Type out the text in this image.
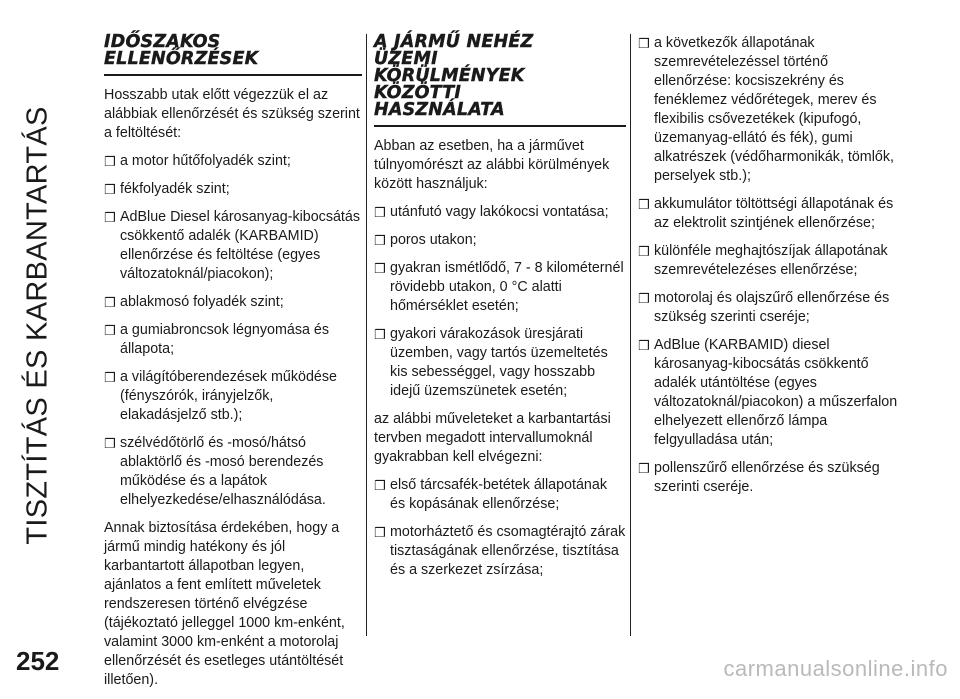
TISZTÍTÁS ÉS KARBANTARTÁS
IDŐSZAKOS
ELLENŐRZÉSEK

Hosszabb utak előtt végezzük el az alábbiak ellenőrzését és szükség szerint a feltöltését:

❒ a motor hűtőfolyadék szint;
❒ fékfolyadék szint;
❒ AdBlue Diesel károsanyag-kibocsátás csökkentő adalék (KARBAMID) ellenőrzése és feltöltése (egyes változatoknál/piacokon);
❒ ablakmosó folyadék szint;
❒ a gumiabroncsok légnyomása és állapota;
❒ a világítóberendezések működése (fényszórók, irányjelzők, elakadásjelző stb.);
❒ szélvédőtörlő és -mosó/hátsó ablaktörlő és -mosó berendezés működése és a lapátok elhelyezkedése/elhasználódása.

Annak biztosítása érdekében, hogy a jármű mindig hatékony és jól karbantartott állapotban legyen, ajánlatos a fent említett műveletek rendszeresen történő elvégzése (tájékoztató jelleggel 1000 km-enként, valamint 3000 km-enként a motorolaj ellenőrzését és esetleges utántöltését illetően).

A JÁRMŰ NEHÉZ
ÜZEMI
KÖRÜLMÉNYEK
KÖZÖTTI
HASZNÁLATA

Abban az esetben, ha a járművet túlnyomórészt az alábbi körülmények között használjuk:

❒ utánfutó vagy lakókocsi vontatása;
❒ poros utakon;
❒ gyakran ismétlődő, 7 - 8 kilométernél rövidebb utakon, 0 °C alatti hőmérséklet esetén;
❒ gyakori várakozások üresjárati üzemben, vagy tartós üzemeltetés kis sebességgel, vagy hosszabb idejű üzemszünetek esetén;

az alábbi műveleteket a karbantartási tervben megadott intervallumoknál gyakrabban kell elvégezni:

❒ első tárcsafék-betétek állapotának és kopásának ellenőrzése;
❒ motorháztető és csomagtérajtó zárak tisztaságának ellenőrzése, tisztítása és a szerkezet zsírzása;
❒ a következők állapotának szemrevételezéssel történő ellenőrzése: kocsiszekrény és fenéklemez védőrétegek, merev és flexibilis csővezetékek (kipufogó, üzemanyag-ellátó és fék), gumi alkatrészek (védőharmonikák, tömlők, perselyek stb.);
❒ akkumulátor töltöttségi állapotának és az elektrolit szintjének ellenőrzése;
❒ különféle meghajtószíjak állapotának szemrevételezéses ellenőrzése;
❒ motorolaj és olajszűrő ellenőrzése és szükség szerinti cseréje;
❒ AdBlue (KARBAMID) diesel károsanyag-kibocsátás csökkentő adalék utántöltése (egyes változatoknál/piacokon) a műszerfalon elhelyezett ellenőrző lámpa felgyulladása után;
❒ pollenszűrő ellenőrzése és szükség szerinti cseréje.
252	carmanualsonline.info
